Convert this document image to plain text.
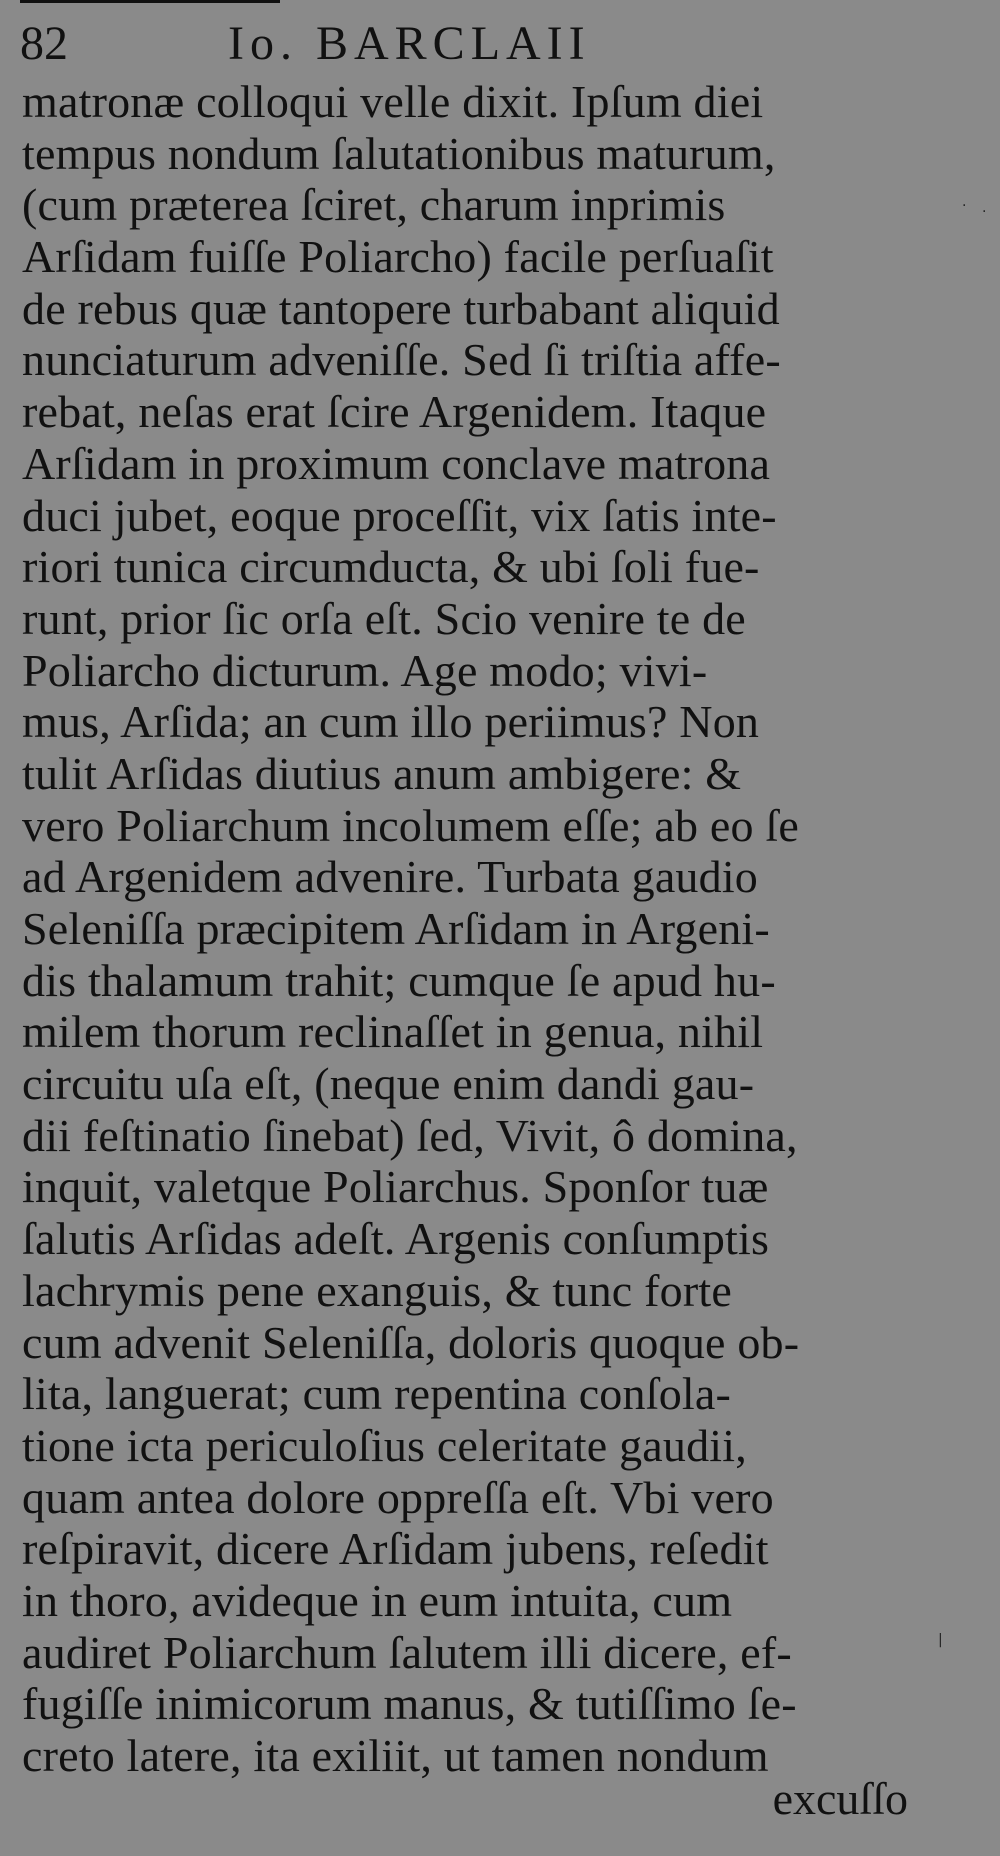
82	Io. BARCLAII
matronæ colloqui velle dixit. Ipſum diei
tempus nondum ſalutationibus maturum,
(cum præterea ſciret, charum inprimis
Arſidam fuiſſe Poliarcho) facile perſuaſit
de rebus quæ tantopere turbabant aliquid
nunciaturum adveniſſe. Sed ſi triſtia affe-
rebat, neſas erat ſcire Argenidem. Itaque
Arſidam in proximum conclave matrona
duci jubet, eoque proceſſit, vix ſatis inte-
riori tunica circumducta, & ubi ſoli fue-
runt, prior ſic orſa eſt. Scio venire te de
Poliarcho dicturum. Age modo; vivi-
mus, Arſida; an cum illo periimus? Non
tulit Arſidas diutius anum ambigere: &
vero Poliarchum incolumem eſſe; ab eo ſe
ad Argenidem advenire. Turbata gaudio
Seleniſſa præcipitem Arſidam in Argeni-
dis thalamum trahit; cumque ſe apud hu-
milem thorum reclinaſſet in genua, nihil
circuitu uſa eſt, (neque enim dandi gau-
dii feſtinatio ſinebat) ſed, Vivit, ô domina,
inquit, valetque Poliarchus. Sponſor tuæ
ſalutis Arſidas adeſt. Argenis conſumptis
lachrymis pene exanguis, & tunc forte
cum advenit Seleniſſa, doloris quoque ob-
lita, languerat; cum repentina conſola-
tione icta periculoſius celeritate gaudii,
quam antea dolore oppreſſa eſt. Vbi vero
reſpiravit, dicere Arſidam jubens, reſedit
in thoro, avideque in eum intuita, cum
audiret Poliarchum ſalutem illi dicere, ef-
fugiſſe inimicorum manus, & tutiſſimo ſe-
creto latere, ita exiliit, ut tamen nondum
excuſſo
· ·
|
